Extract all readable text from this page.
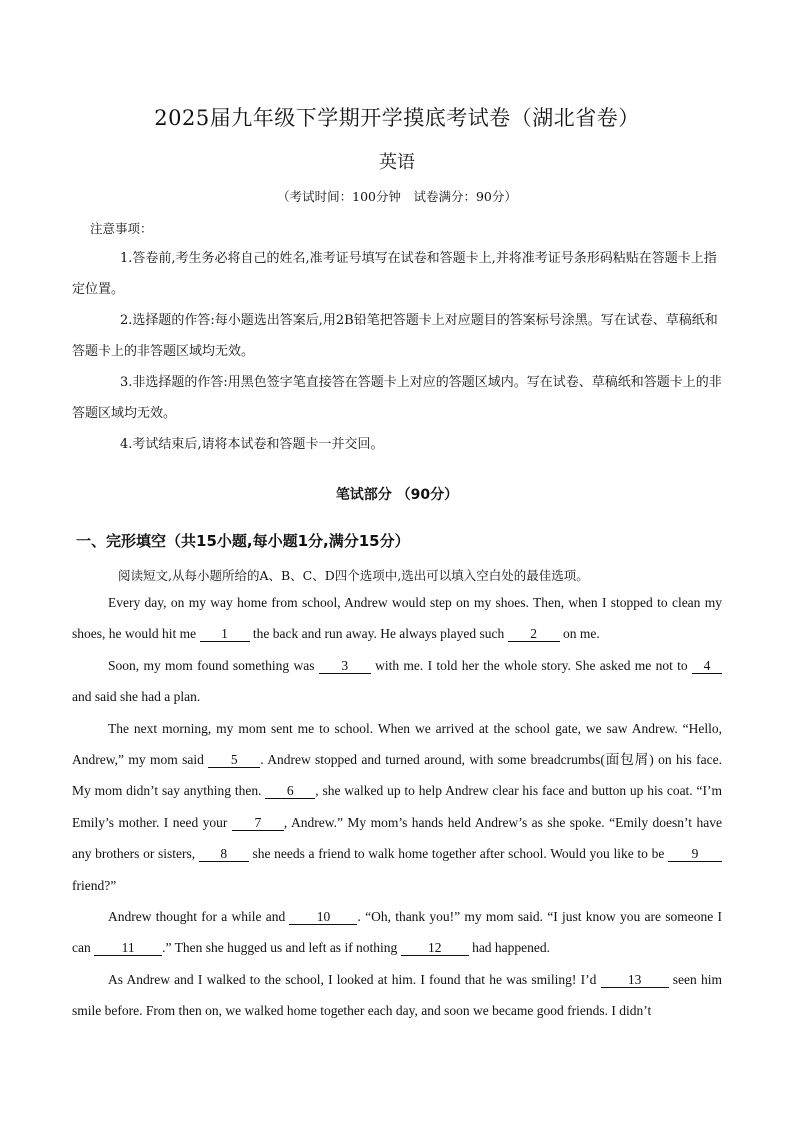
2025届九年级下学期开学摸底考试卷（湖北省卷）
英语
（考试时间：100分钟　试卷满分：90分）
注意事项：
1.答卷前,考生务必将自己的姓名,准考证号填写在试卷和答题卡上,并将准考证号条形码粘贴在答题卡上指定位置。
2.选择题的作答:每小题选出答案后,用2B铅笔把答题卡上对应题目的答案标号涂黑。写在试卷、草稿纸和答题卡上的非答题区域均无效。
3.非选择题的作答:用黑色签字笔直接答在答题卡上对应的答题区域内。写在试卷、草稿纸和答题卡上的非答题区域均无效。
4.考试结束后,请将本试卷和答题卡一并交回。
笔试部分 （90分）
一、完形填空（共15小题,每小题1分,满分15分）
阅读短文,从每小题所给的A、B、C、D四个选项中,选出可以填入空白处的最佳选项。

Every day, on my way home from school, Andrew would step on my shoes. Then, when I stopped to clean my shoes, he would hit me 1 the back and run away. He always played such 2 on me.

Soon, my mom found something was 3 with me. I told her the whole story. She asked me not to 4 and said she had a plan.

The next morning, my mom sent me to school. When we arrived at the school gate, we saw Andrew. “Hello, Andrew,” my mom said 5 . Andrew stopped and turned around, with some breadcrumbs(面包屑) on his face. My mom didn’t say anything then. 6 , she walked up to help Andrew clear his face and button up his coat. “I’m Emily’s mother. I need your 7 , Andrew.” My mom’s hands held Andrew’s as she spoke. “Emily doesn’t have any brothers or sisters, 8 she needs a friend to walk home together after school. Would you like to be 9 friend?”

Andrew thought for a while and 10 . “Oh, thank you!” my mom said. “I just know you are someone I can 11 .” Then she hugged us and left as if nothing 12 had happened.

As Andrew and I walked to the school, I looked at him. I found that he was smiling! I’d 13 seen him smile before. From then on, we walked home together each day, and soon we became good friends. I didn’t
